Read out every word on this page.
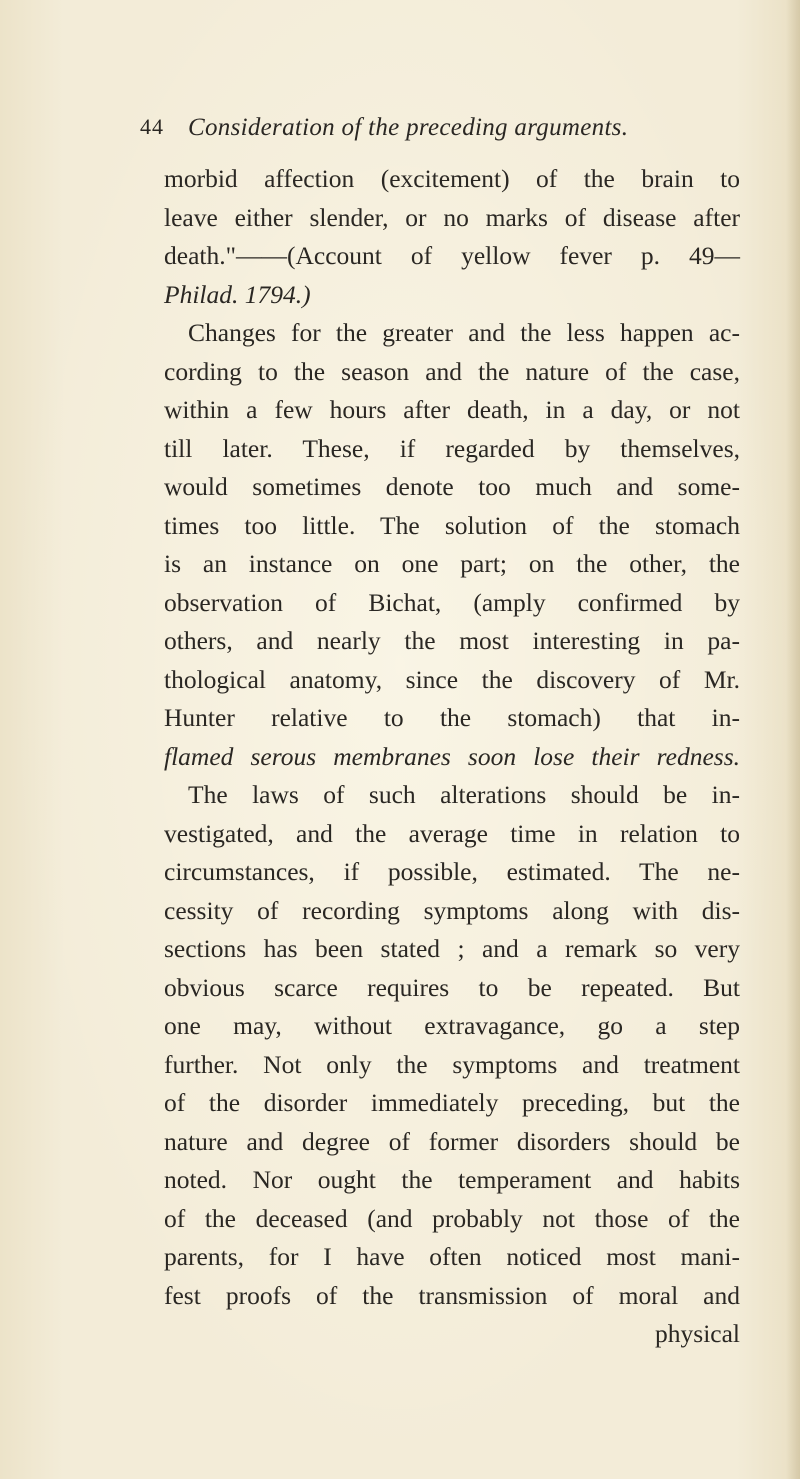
44 Consideration of the preceding arguments.
morbid affection (excitement) of the brain to
leave either slender, or no marks of disease after
death."——(Account of yellow fever p. 49—
Philad. 1794.)
Changes for the greater and the less happen ac-
cording to the season and the nature of the case,
within a few hours after death, in a day, or not
till later. These, if regarded by themselves,
would sometimes denote too much and some-
times too little. The solution of the stomach
is an instance on one part; on the other, the
observation of Bichat, (amply confirmed by
others, and nearly the most interesting in pa-
thological anatomy, since the discovery of Mr.
Hunter relative to the stomach) that in-
flamed serous membranes soon lose their redness.
The laws of such alterations should be in-
vestigated, and the average time in relation to
circumstances, if possible, estimated. The ne-
cessity of recording symptoms along with dis-
sections has been stated ; and a remark so very
obvious scarce requires to be repeated. But
one may, without extravagance, go a step
further. Not only the symptoms and treatment
of the disorder immediately preceding, but the
nature and degree of former disorders should be
noted. Nor ought the temperament and habits
of the deceased (and probably not those of the
parents, for I have often noticed most mani-
fest proofs of the transmission of moral and
physical
